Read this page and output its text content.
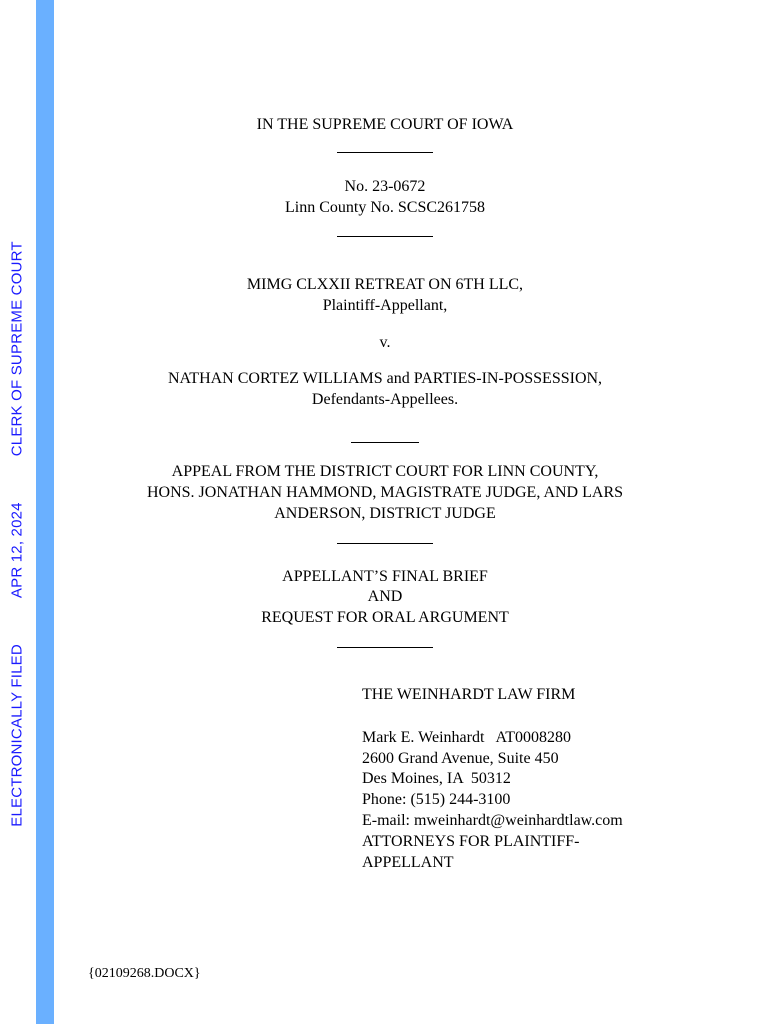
ELECTRONICALLY FILEDAPR 12, 2024CLERK OF SUPREME COURT
IN THE SUPREME COURT OF IOWA
No. 23-0672
Linn County No. SCSC261758
MIMG CLXXII RETREAT ON 6TH LLC,
Plaintiff-Appellant,
v.
NATHAN CORTEZ WILLIAMS and PARTIES-IN-POSSESSION,
Defendants-Appellees.
APPEAL FROM THE DISTRICT COURT FOR LINN COUNTY,
HONS. JONATHAN HAMMOND, MAGISTRATE JUDGE, AND LARS
ANDERSON, DISTRICT JUDGE
APPELLANT’S FINAL BRIEF
AND
REQUEST FOR ORAL ARGUMENT
THE WEINHARDT LAW FIRM
Mark E. Weinhardt   AT0008280
2600 Grand Avenue, Suite 450
Des Moines, IA  50312
Phone: (515) 244-3100
E-mail: mweinhardt@weinhardtlaw.com
ATTORNEYS FOR PLAINTIFF-
APPELLANT
{02109268.DOCX}
